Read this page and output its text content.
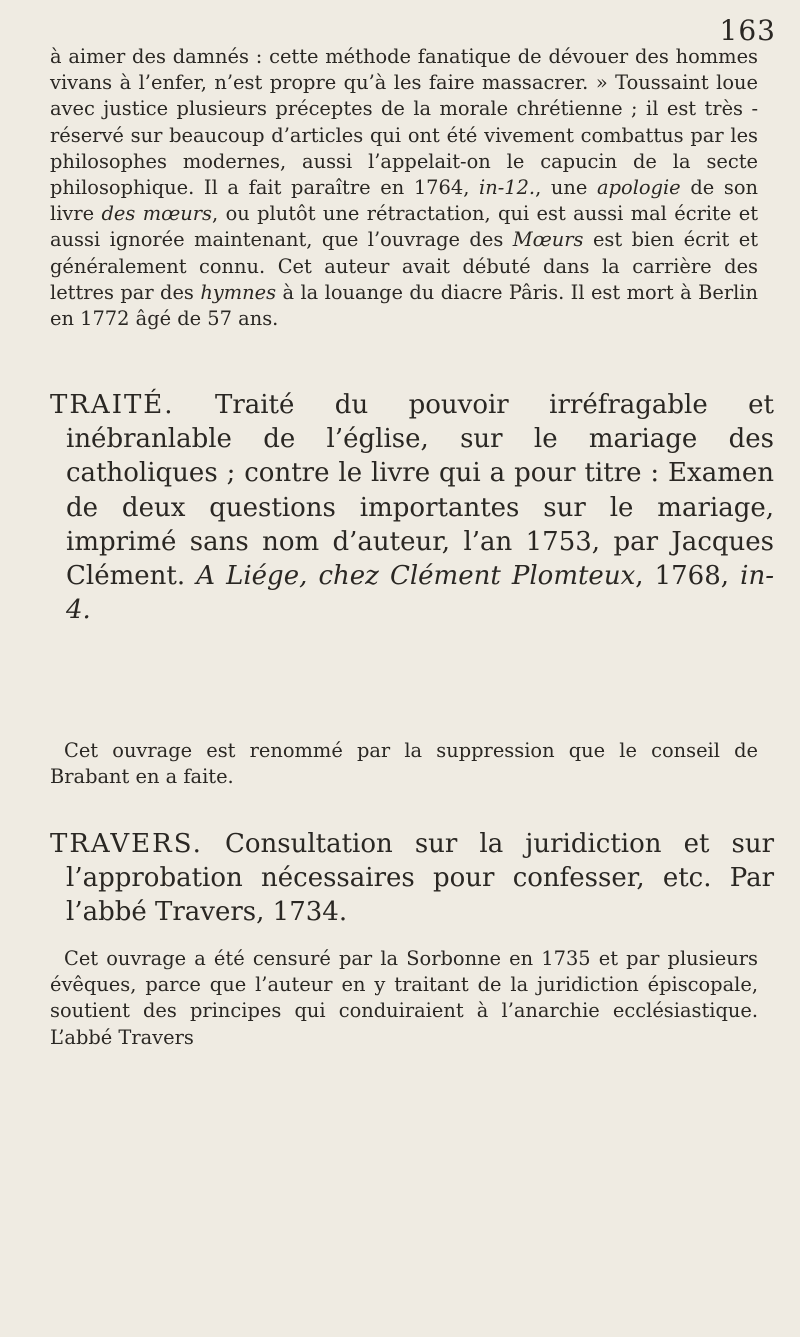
163

à aimer des damnés : cette méthode fanatique de dévouer des hommes vivans à l’enfer, n’est propre qu’à les faire massacrer. » Toussaint loue avec justice plusieurs préceptes de la morale chrétienne ; il est très - réservé sur beaucoup d’articles qui ont été vivement combattus par les philosophes modernes, aussi l’appelait-on le capucin de la secte philosophique. Il a fait paraître en 1764, in-12., une apologie de son livre des mœurs, ou plutôt une rétractation, qui est aussi mal écrite et aussi ignorée maintenant, que l’ouvrage des Mœurs est bien écrit et généralement connu. Cet auteur avait débuté dans la carrière des lettres par des hymnes à la louange du diacre Pâris. Il est mort à Berlin en 1772 âgé de 57 ans.

TRAITÉ. Traité du pouvoir irréfragable et inébranlable de l’église, sur le mariage des catholiques ; contre le livre qui a pour titre : Examen de deux questions importantes sur le mariage, imprimé sans nom d’auteur, l’an 1753, par Jacques Clément. A Liége, chez Clément Plomteux, 1768, in-4.

Cet ouvrage est renommé par la suppression que le conseil de Brabant en a faite.

TRAVERS. Consultation sur la juridiction et sur l’approbation nécessaires pour confesser, etc. Par l’abbé Travers, 1734.

Cet ouvrage a été censuré par la Sorbonne en 1735 et par plusieurs évêques, parce que l’auteur en y traitant de la juridiction épiscopale, soutient des principes qui conduiraient à l’anarchie ecclésiastique. L’abbé Travers
